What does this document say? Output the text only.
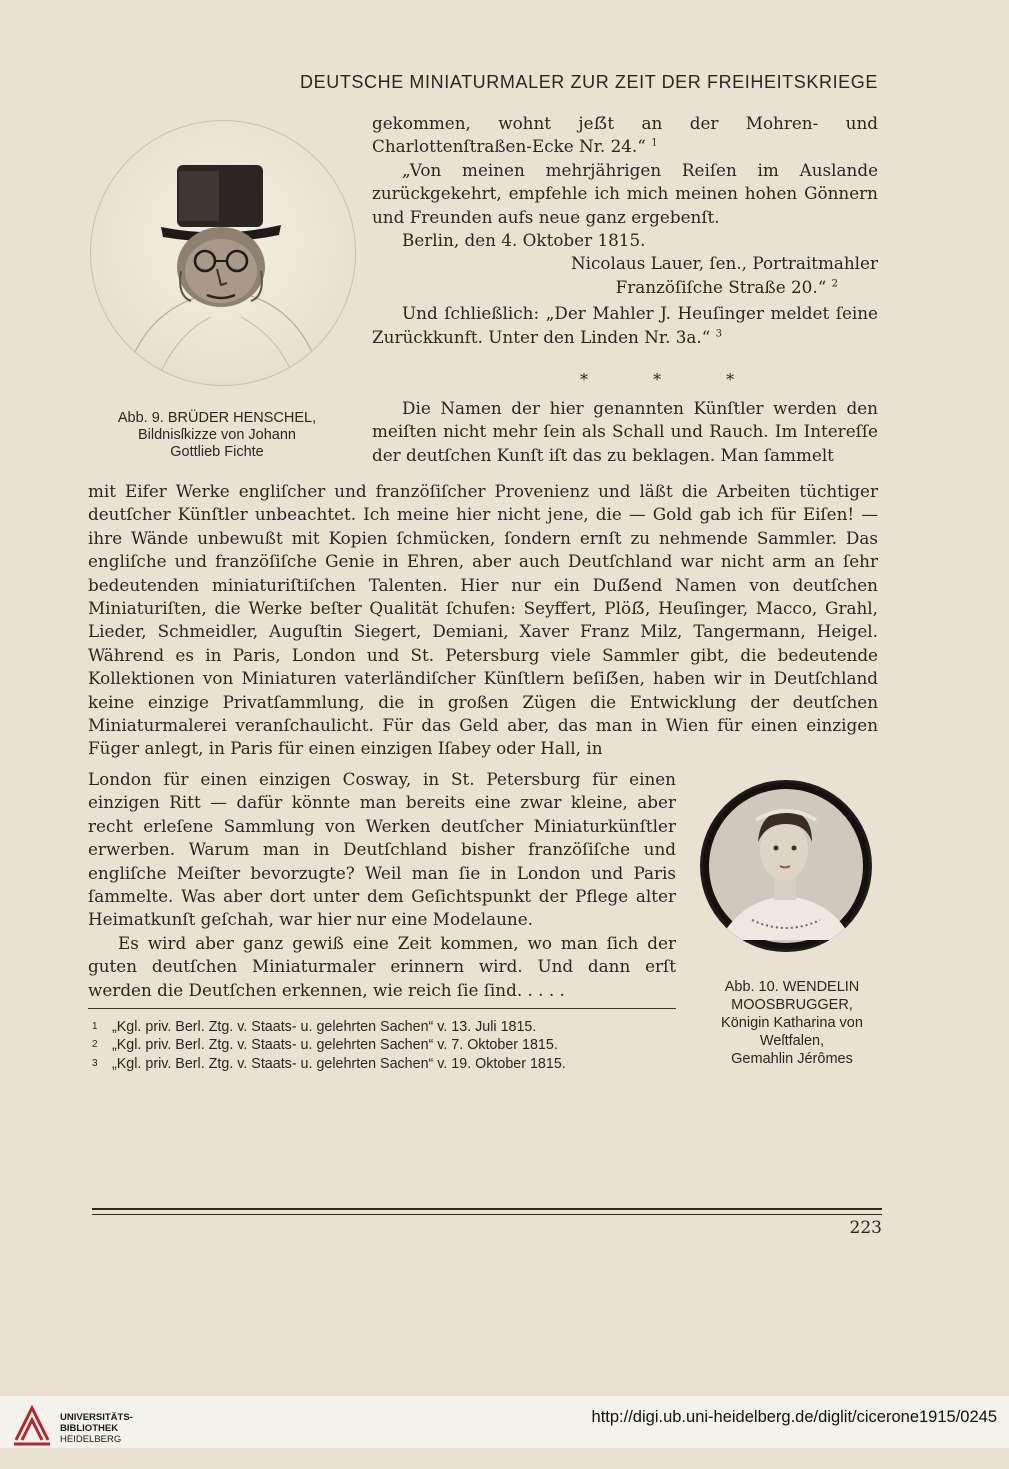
DEUTSCHE MINIATURMALER ZUR ZEIT DER FREIHEITSKRIEGE
Abb. 9. BRÜDER HENSCHEL,
Bildnisſkizze von Johann
Gottlieb Fichte

gekommen, wohnt jeẞt an der Mohren- und Charlottenſtraßen-Ecke Nr. 24.“ $^1$

„Von meinen mehrjährigen Reiſen im Auslande zurückgekehrt, empfehle ich mich meinen hohen Gönnern und Freunden aufs neue ganz ergebenſt.

Berlin, den 4. Oktober 1815.

Nicolaus Lauer, ſen., Portraitmahler
Franzöſiſche Straße 20.“ $^2$

Und ſchließlich: „Der Mahler J. Heuſinger meldet ſeine Zurückkunft. Unter den Linden Nr. 3a.“ $^3$

Die Namen der hier genannten Künſtler werden den meiſten nicht mehr ſein als Schall und Rauch. Im Intereſſe der deutſchen Kunſt iſt das zu beklagen. Man ſammelt

* * *

mit Eifer Werke engliſcher und franzöſiſcher Provenienz und läßt die Arbeiten tüchtiger deutſcher Künſtler unbeachtet. Ich meine hier nicht jene, die — Gold gab ich für Eiſen! — ihre Wände unbewußt mit Kopien ſchmücken, ſondern ernſt zu nehmende Sammler. Das engliſche und franzöſiſche Genie in Ehren, aber auch Deutſchland war nicht arm an ſehr bedeutenden miniaturiſtiſchen Talenten. Hier nur ein Duẞend Namen von deutſchen Miniaturiſten, die Werke beſter Qualität ſchufen: Seyffert, Plöẞ, Heuſinger, Macco, Grahl, Lieder, Schmeidler, Auguſtin Siegert, Demiani, Xaver Franz Milz, Tangermann, Heigel. Während es in Paris, London und St. Petersburg viele Sammler gibt, die bedeutende Kollektionen von Miniaturen vaterländiſcher Künſtlern beſiẞen, haben wir in Deutſchland keine einzige Privatſammlung, die in großen Zügen die Entwicklung der deutſchen Miniaturmalerei veranſchaulicht. Für das Geld aber, das man in Wien für einen einzigen Füger anlegt, in Paris für einen einzigen Iſabey oder Hall, in

London für einen einzigen Cosway, in St. Petersburg für einen einzigen Ritt — dafür könnte man bereits eine zwar kleine, aber recht erleſene Sammlung von Werken deutſcher Miniaturkünſtler erwerben. Warum man in Deutſchland bisher franzöſiſche und engliſche Meiſter bevorzugte? Weil man ſie in London und Paris ſammelte. Was aber dort unter dem Geſichtspunkt der Pflege alter Heimatkunſt geſchah, war hier nur eine Modelaune.

Es wird aber ganz gewiß eine Zeit kommen, wo man ſich der guten deutſchen Miniaturmaler erinnern wird. Und dann erſt werden die Deutſchen erkennen, wie reich ſie ſind. . . . .	Abb. 10. WENDELIN
MOOSBRUGGER,
Königin Katharina von
Weſtfalen,
Gemahlin Jérômes
1 „Kgl. priv. Berl. Ztg. v. Staats- u. gelehrten Sachen“ v. 13. Juli 1815.
2 „Kgl. priv. Berl. Ztg. v. Staats- u. gelehrten Sachen“ v. 7. Oktober 1815.
3 „Kgl. priv. Berl. Ztg. v. Staats- u. gelehrten Sachen“ v. 19. Oktober 1815.
223
UNIVERSITÄTS-
BIBLIOTHEK
HEIDELBERG
http://digi.ub.uni-heidelberg.de/diglit/cicerone1915/0245
